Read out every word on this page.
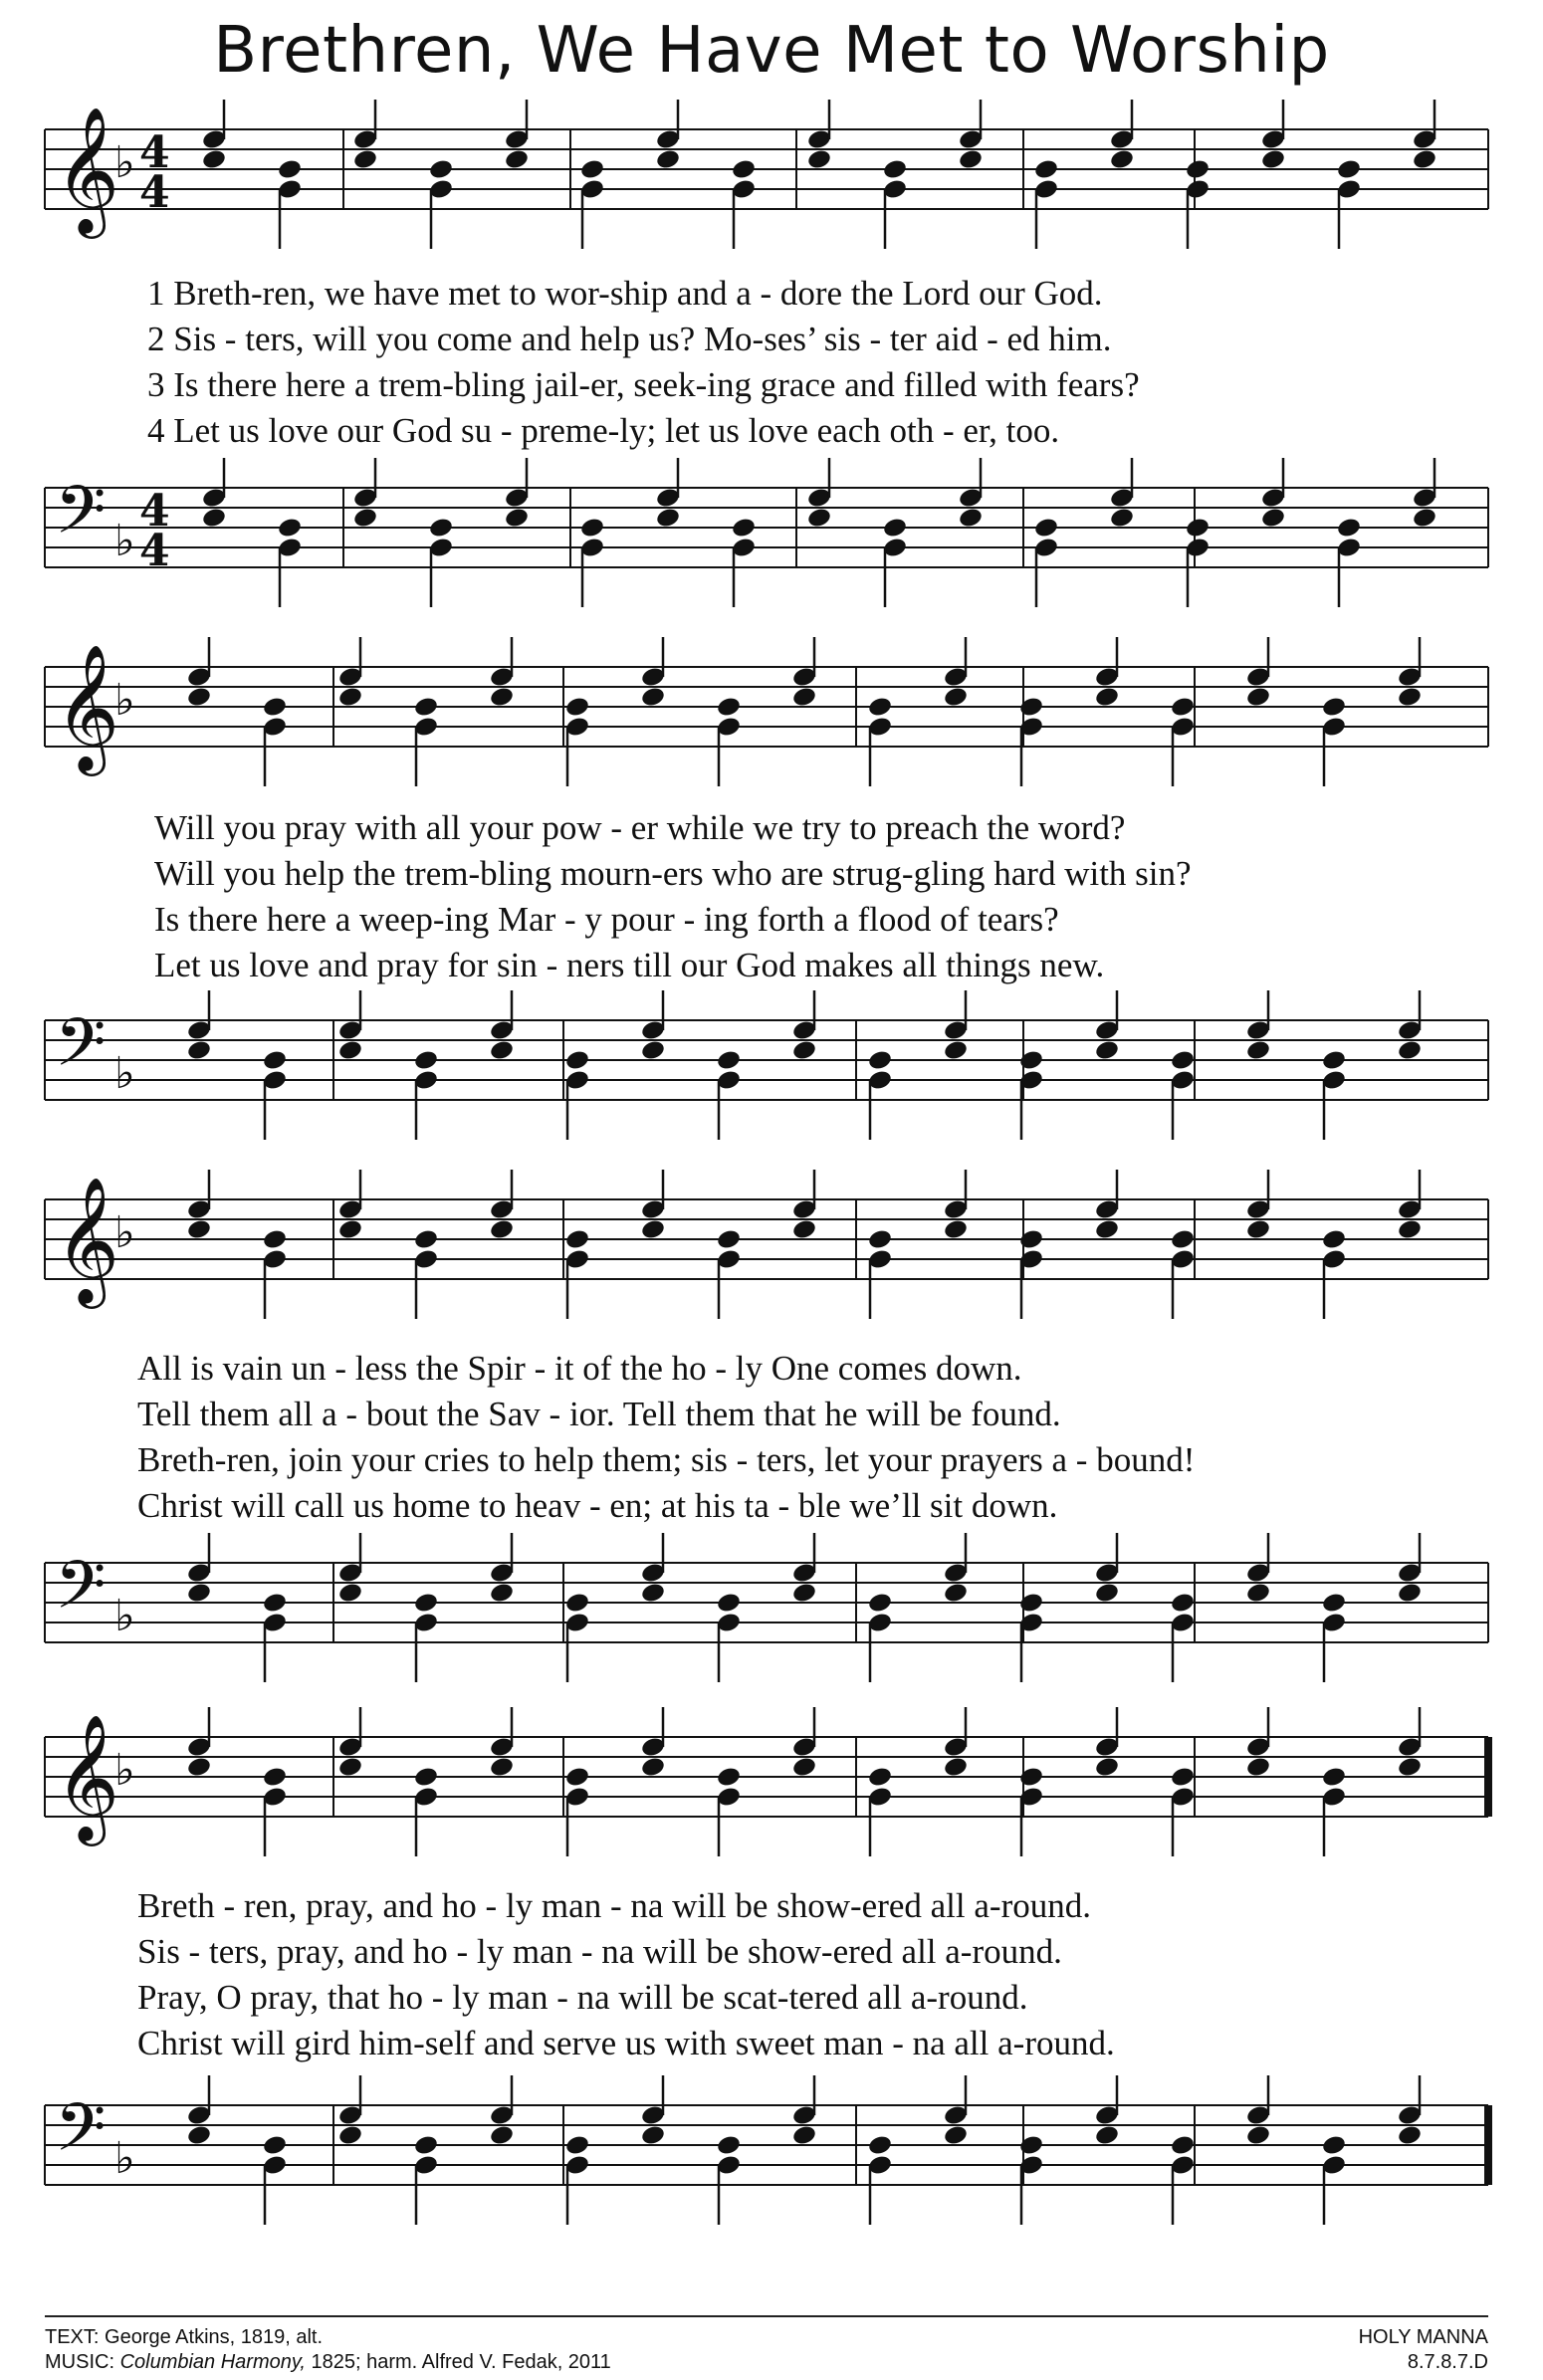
Brethren, We Have Met to Worship
𝄞
♭ 4
4
1 Breth-ren, we have met to wor-ship and a - dore the Lord our God.
2 Sis - ters, will you come and help us? Mo-ses’ sis - ter aid - ed him.
3 Is there here a trem-bling jail-er, seek-ing grace and filled with fears?
4 Let us love our God su - preme-ly; let us love each oth - er, too.
𝄢 ♭
4
4
𝄞
♭
Will you pray with all your pow - er while we try to preach the word?
Will you help the trem-bling mourn-ers who are strug-gling hard with sin?
Is there here a weep-ing Mar - y pour - ing forth a flood of tears?
Let us love and pray for sin - ners till our God makes all things new.
𝄢 ♭
𝄞
♭
All is vain un - less the Spir - it of the ho - ly One comes down.
Tell them all a - bout the Sav - ior. Tell them that he will be found.
Breth-ren, join your cries to help them; sis - ters, let your prayers a - bound!
Christ will call us home to heav - en; at his ta - ble we’ll sit down.
𝄢 ♭
𝄞
♭
Breth - ren, pray, and ho - ly man - na will be show-ered all a-round.
Sis - ters, pray, and ho - ly man - na will be show-ered all a-round.
Pray, O pray, that ho - ly man - na will be scat-tered all a-round.
Christ will gird him-self and serve us with sweet man - na all a-round.
𝄢 ♭
TEXT: George Atkins, 1819, alt.
MUSIC: Columbian Harmony, 1825; harm. Alfred V. Fedak, 2011
HOLY MANNA
8.7.8.7.D
